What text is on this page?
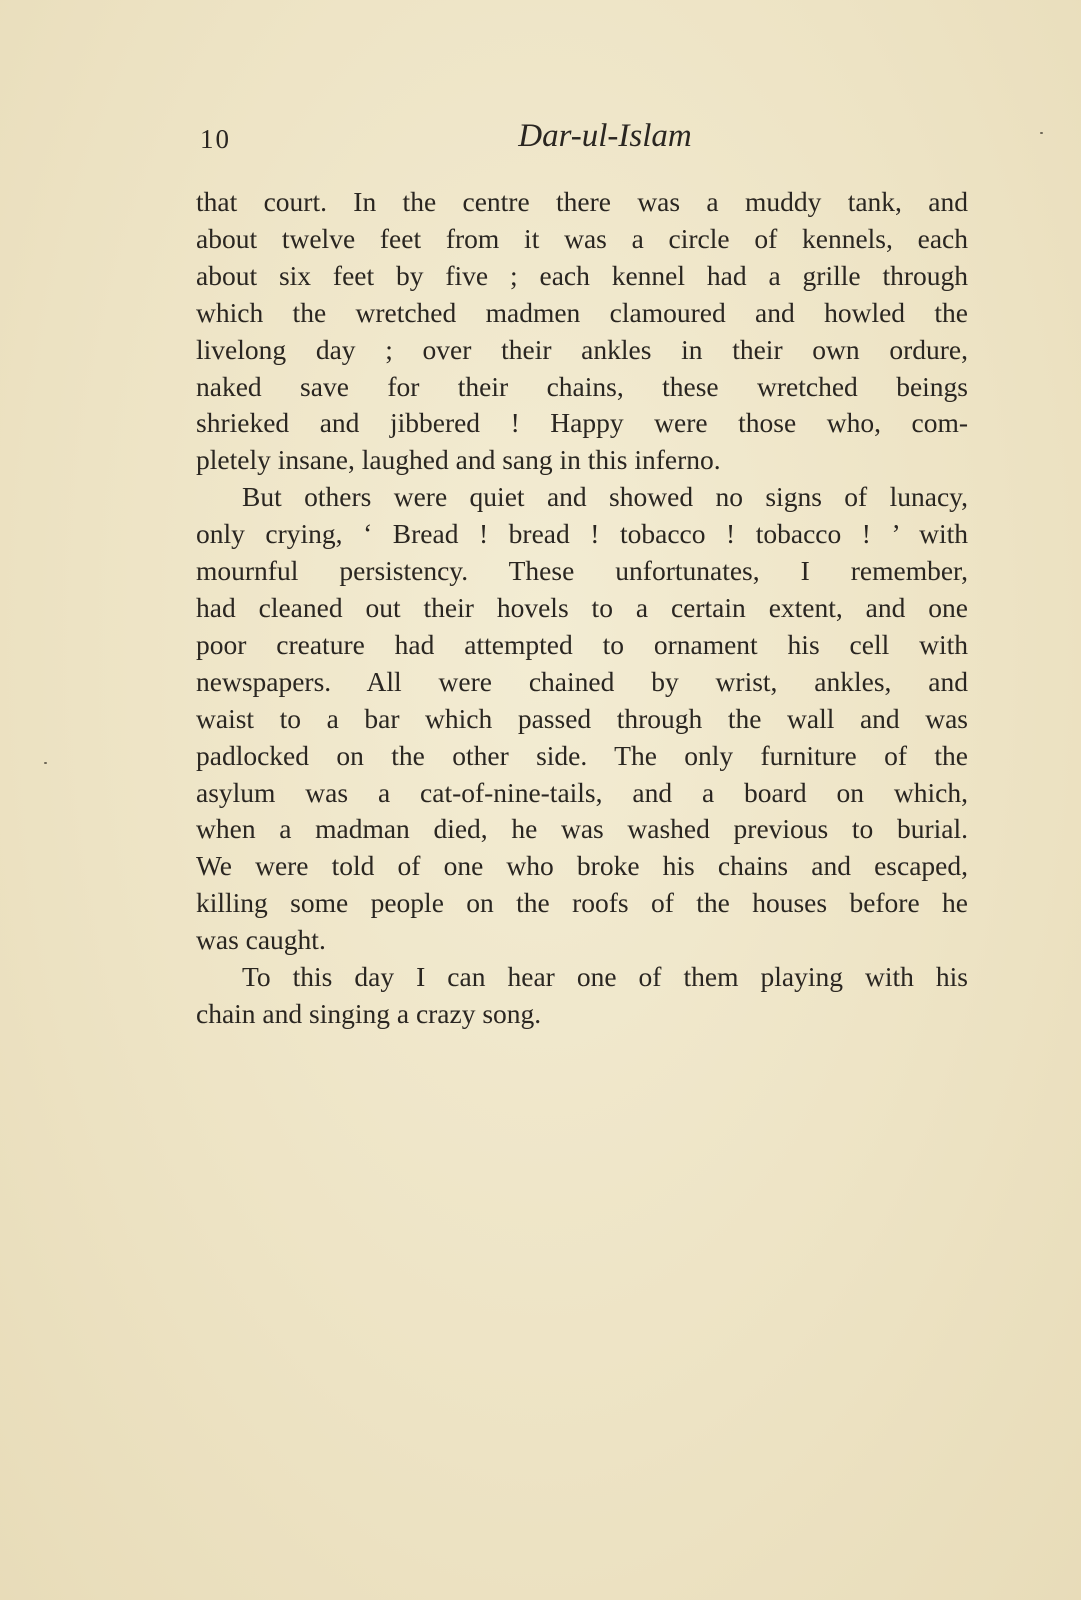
10	Dar-ul-Islam

that court. In the centre there was a muddy tank, and
about twelve feet from it was a circle of kennels, each
about six feet by five ; each kennel had a grille through
which the wretched madmen clamoured and howled the
livelong day ; over their ankles in their own ordure,
naked save for their chains, these wretched beings
shrieked and jibbered ! Happy were those who, com-
pletely insane, laughed and sang in this inferno.

But others were quiet and showed no signs of lunacy,
only crying, ‘ Bread ! bread ! tobacco ! tobacco ! ’ with
mournful persistency. These unfortunates, I remember,
had cleaned out their hovels to a certain extent, and one
poor creature had attempted to ornament his cell with
newspapers. All were chained by wrist, ankles, and
waist to a bar which passed through the wall and was
padlocked on the other side. The only furniture of the
asylum was a cat-of-nine-tails, and a board on which,
when a madman died, he was washed previous to burial.
We were told of one who broke his chains and escaped,
killing some people on the roofs of the houses before he
was caught.

To this day I can hear one of them playing with his
chain and singing a crazy song.
